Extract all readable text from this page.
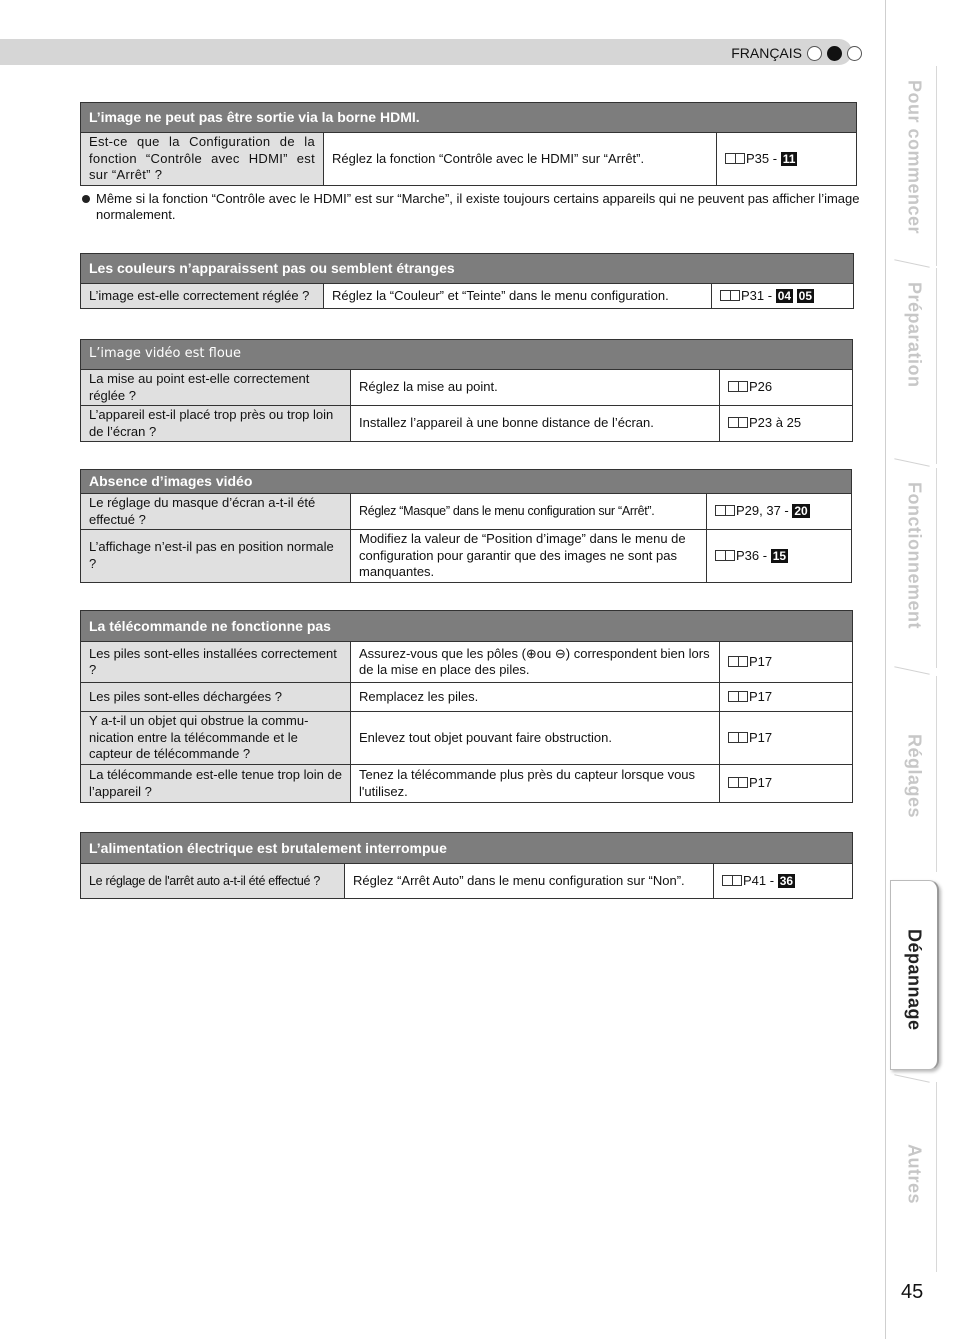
FRANÇAIS
Pour commencer
Préparation
Fonctionnement
Réglages
Dépannage
Autres
45
L’image ne peut pas être sortie via la borne HDMI.
Est-ce que la Configuration de la fonction “Contrôle avec HDMI” est sur “Arrêt” ?	Réglez la fonction “Contrôle avec le HDMI” sur “Arrêt”.	P35 - 11
Même si la fonction “Contrôle avec le HDMI” est sur “Marche”, il existe toujours certains appareils qui ne peuvent pas afficher l’image normalement.
Les couleurs n’apparaissent pas ou semblent étranges
L’image est-elle correctement réglée ?	Réglez la “Couleur” et “Teinte” dans le menu configuration.	P31 - 04 05
L’image vidéo est floue		
La mise au point est-elle correctement réglée ?	Réglez la mise au point.	P26
L’appareil est-il placé trop près ou trop loin de l’écran ?	Installez l’appareil à une bonne distance de l’écran.	P23 à 25
Absence d’images vidéo		
Le réglage du masque d’écran a-t-il été effectué ?	Réglez “Masque” dans le menu configuration sur “Arrêt”.	P29, 37 - 20
L’affichage n’est-il pas en position normale ?	Modifiez la valeur de “Position d’image” dans le menu de configuration pour garantir que des images ne sont pas manquantes.	P36 - 15
La télécommande ne fonctionne pas		
Les piles sont-elles installées correctement ?	Assurez-vous que les pôles (⊕ou ⊖) correspondent bien lors de la mise en place des piles.	P17
Les piles sont-elles déchargées ?	Remplacez les piles.	P17
Y a-t-il un objet qui obstrue la commu-nication entre la télécommande et le capteur de télécommande ?	Enlevez tout objet pouvant faire obstruction.	P17
La télécommande est-elle tenue trop loin de l’appareil ?	Tenez la télécommande plus près du capteur lorsque vous l'utilisez.	P17
L’alimentation électrique est brutalement interrompue
Le réglage de l'arrêt auto a-t-il été effectué ?	Réglez “Arrêt Auto” dans le menu configuration sur “Non”.	P41 - 36
